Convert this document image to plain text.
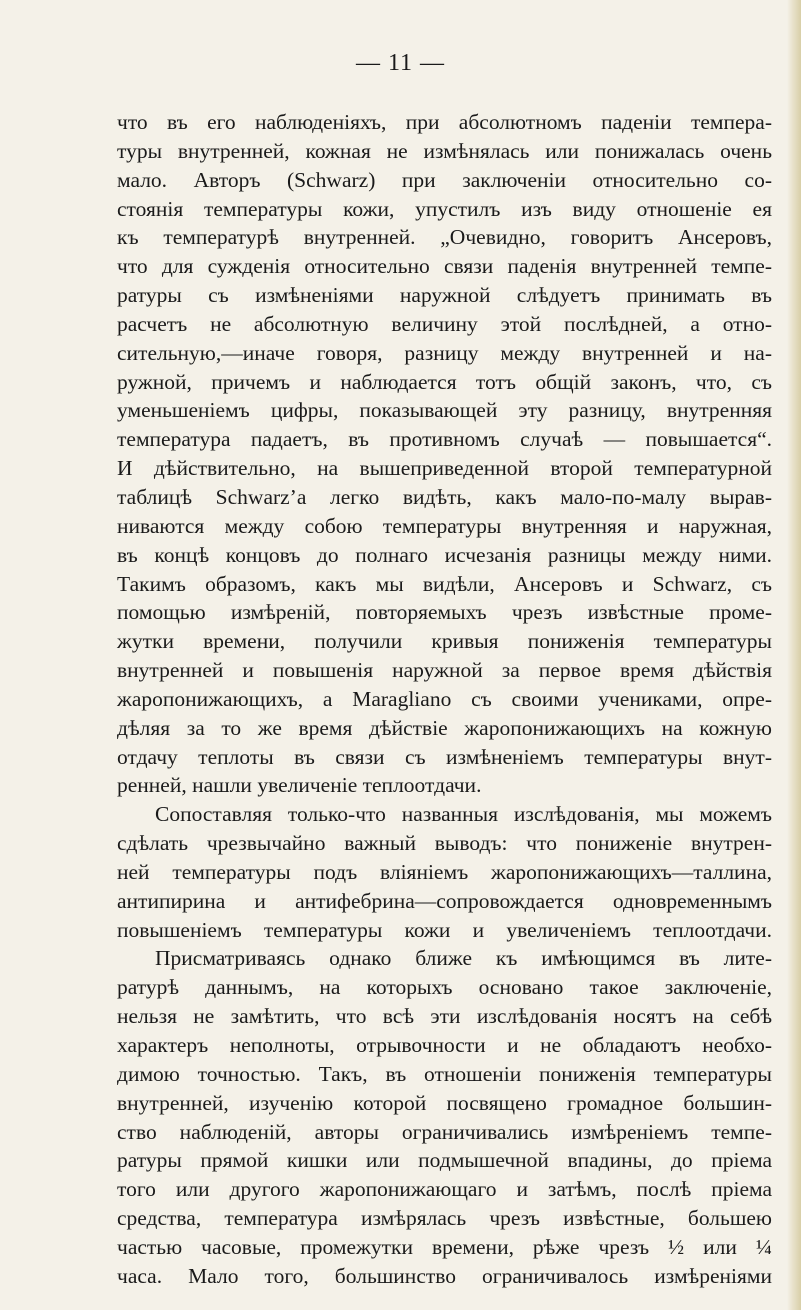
— 11 —
что въ его наблюденіяхъ, при абсолютномъ паденіи темпера-
туры внутренней, кожная не измѣнялась или понижалась очень
мало. Авторъ (Schwarz) при заключеніи относительно со-
стоянія температуры кожи, упустилъ изъ виду отношеніе ея
къ температурѣ внутренней. „Очевидно, говоритъ Ансеровъ,
что для сужденія относительно связи паденія внутренней темпе-
ратуры съ измѣненіями наружной слѣдуетъ принимать въ
расчетъ не абсолютную величину этой послѣдней, а отно-
сительную,—иначе говоря, разницу между внутренней и на-
ружной, причемъ и наблюдается тотъ общій законъ, что, съ
уменьшеніемъ цифры, показывающей эту разницу, внутренняя
температура падаетъ, въ противномъ случаѣ — повышается“.
И дѣйствительно, на вышеприведенной второй температурной
таблицѣ Schwarz’а легко видѣть, какъ мало-по-малу вырав-
ниваются между собою температуры внутренняя и наружная,
въ концѣ концовъ до полнаго исчезанія разницы между ними.
Такимъ образомъ, какъ мы видѣли, Ансеровъ и Schwarz, съ
помощью измѣреній, повторяемыхъ чрезъ извѣстные проме-
жутки времени, получили кривыя пониженія температуры
внутренней и повышенія наружной за первое время дѣйствія
жаропонижающихъ, а Maragliano съ своими учениками, опре-
дѣляя за то же время дѣйствіе жаропонижающихъ на кожную
отдачу теплоты въ связи съ измѣненіемъ температуры внут-
ренней, нашли увеличеніе теплоотдачи.
Сопоставляя только-что названныя изслѣдованія, мы можемъ
сдѣлать чрезвычайно важный выводъ: что пониженіе внутрен-
ней температуры подъ вліяніемъ жаропонижающихъ—таллина,
антипирина и антифебрина—сопровождается одновременнымъ
повышеніемъ температуры кожи и увеличеніемъ теплоотдачи.
Присматриваясь однако ближе къ имѣющимся въ лите-
ратурѣ даннымъ, на которыхъ основано такое заключеніе,
нельзя не замѣтить, что всѣ эти изслѣдованія носятъ на себѣ
характеръ неполноты, отрывочности и не обладаютъ необхо-
димою точностью. Такъ, въ отношеніи пониженія температуры
внутренней, изученію которой посвящено громадное большин-
ство наблюденій, авторы ограничивались измѣреніемъ темпе-
ратуры прямой кишки или подмышечной впадины, до пріема
того или другого жаропонижающаго и затѣмъ, послѣ пріема
средства, температура измѣрялась чрезъ извѣстные, большею
частью часовые, промежутки времени, рѣже чрезъ ½ или ¼
часа. Мало того, большинство ограничивалось измѣреніями
